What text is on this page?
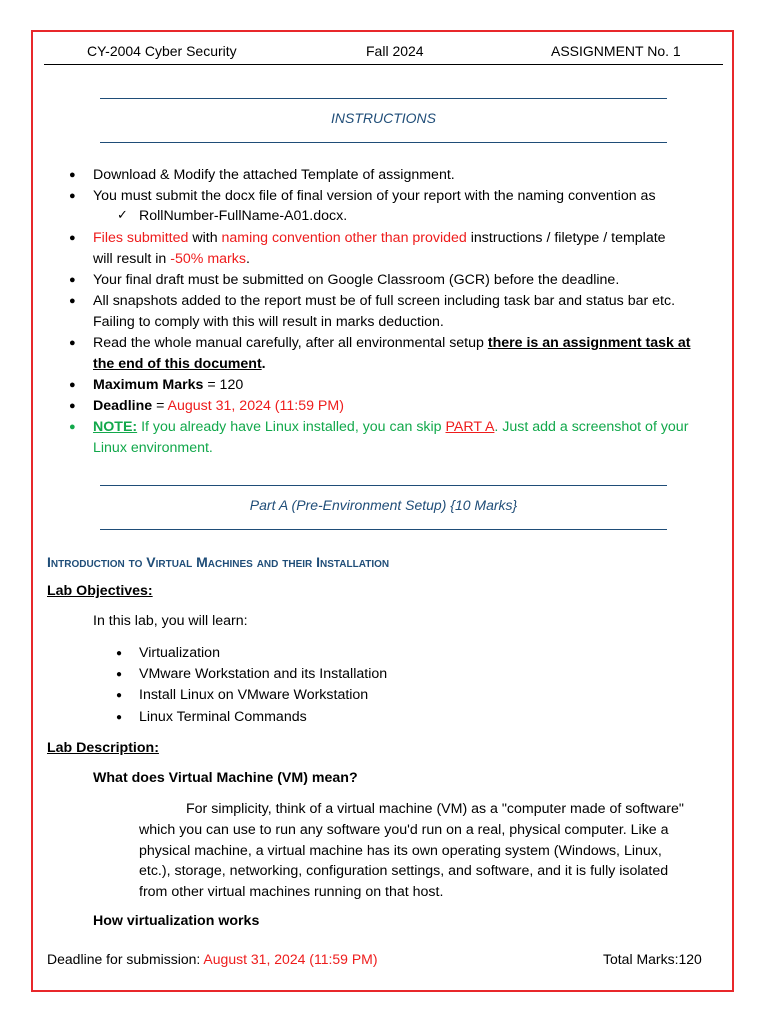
CY-2004 Cyber Security	Fall 2024	ASSIGNMENT No. 1
INSTRUCTIONS
● Download & Modify the attached Template of assignment.
● You must submit the docx file of final version of your report with the naming convention as
✓ RollNumber-FullName-A01.docx.
● Files submitted with naming convention other than provided instructions / filetype / template
will result in -50% marks.
● Your final draft must be submitted on Google Classroom (GCR) before the deadline.
● All snapshots added to the report must be of full screen including task bar and status bar etc.
Failing to comply with this will result in marks deduction.
● Read the whole manual carefully, after all environmental setup there is an assignment task at
the end of this document.
● Maximum Marks = 120
● Deadline = August 31, 2024 (11:59 PM)
● NOTE: If you already have Linux installed, you can skip PART A. Just add a screenshot of your
Linux environment.
Part A (Pre-Environment Setup) {10 Marks}
Introduction to Virtual Machines and their Installation
Lab Objectives:
In this lab, you will learn:
● Virtualization
● VMware Workstation and its Installation
● Install Linux on VMware Workstation
● Linux Terminal Commands
Lab Description:
What does Virtual Machine (VM) mean?
For simplicity, think of a virtual machine (VM) as a "computer made of software"
which you can use to run any software you'd run on a real, physical computer. Like a
physical machine, a virtual machine has its own operating system (Windows, Linux,
etc.), storage, networking, configuration settings, and software, and it is fully isolated
from other virtual machines running on that host.
How virtualization works
Deadline for submission: August 31, 2024 (11:59 PM)	Total Marks:120
